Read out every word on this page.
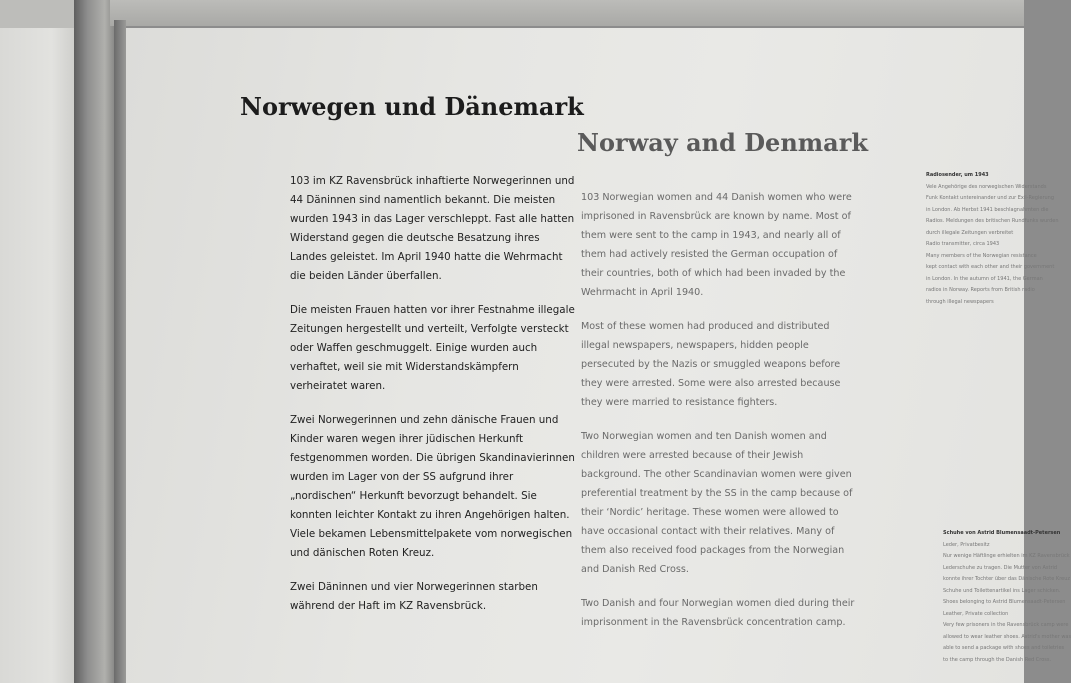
Norwegen und Dänemark
Norway and Denmark

103 im KZ Ravensbrück inhaftierte Norwegerinnen und 44 Däninnen sind namentlich bekannt. Die meisten wurden 1943 in das Lager verschleppt. Fast alle hatten Widerstand gegen die deutsche Besatzung ihres Landes geleistet. Im April 1940 hatte die Wehrmacht die beiden Länder überfallen.

Die meisten Frauen hatten vor ihrer Festnahme illegale Zeitungen hergestellt und verteilt, Verfolgte versteckt oder Waffen geschmuggelt. Einige wurden auch verhaftet, weil sie mit Widerstandskämpfern verheiratet waren.

Zwei Norwegerinnen und zehn dänische Frauen und Kinder waren wegen ihrer jüdischen Herkunft festgenommen worden. Die übrigen Skandinavierinnen wurden im Lager von der SS aufgrund ihrer „nordischen“ Herkunft bevorzugt behandelt. Sie konnten leichter Kontakt zu ihren Angehörigen halten. Viele bekamen Lebensmittelpakete vom norwegischen und dänischen Roten Kreuz.

Zwei Däninnen und vier Norwegerinnen starben während der Haft im KZ Ravensbrück.

103 Norwegian women and 44 Danish women who were imprisoned in Ravensbrück are known by name. Most of them were sent to the camp in 1943, and nearly all of them had actively resisted the German occupation of their countries, both of which had been invaded by the Wehrmacht in April 1940.

Most of these women had produced and distributed illegal newspapers, newspapers, hidden people persecuted by the Nazis or smuggled weapons before they were arrested. Some were also arrested because they were married to resistance fighters.

Two Norwegian women and ten Danish women and children were arrested because of their Jewish background. The other Scandinavian women were given preferential treatment by the SS in the camp because of their ‘Nordic’ heritage. These women were allowed to have occasional contact with their relatives. Many of them also received food packages from the Norwegian and Danish Red Cross.

Two Danish and four Norwegian women died during their imprisonment in the Ravensbrück concentration camp.

Radiosender, um 1943

Vele Angehörige des norwegischen Widerstands

Funk Kontakt untereinander und zur Exil-Regierung

in London. Ab Herbst 1941 beschlagnahmten die

Radios. Meldungen des britischen Rundfunks wurden

durch illegale Zeitungen verbreitet

Radio transmitter, circa 1943

Many members of the Norwegian resistance

kept contact with each other and their government

in London. In the autumn of 1941, the German

radios in Norway. Reports from British radio

through illegal newspapers

Schuhe von Astrid Blumensaadt-Petersen

Leder, Privatbesitz

Nur wenige Häftlinge erhielten im KZ Ravensbrück

Lederschuhe zu tragen. Die Mutter von Astrid

konnte ihrer Tochter über das Dänische Rote Kreuz

Schuhe und Toilettenartikel ins Lager schicken.

Shoes belonging to Astrid Blumensaadt-Petersen

Leather, Private collection

Very few prisoners in the Ravensbrück camp were

allowed to wear leather shoes. Astrid's mother was

able to send a package with shoes and toiletries

to the camp through the Danish Red Cross.
